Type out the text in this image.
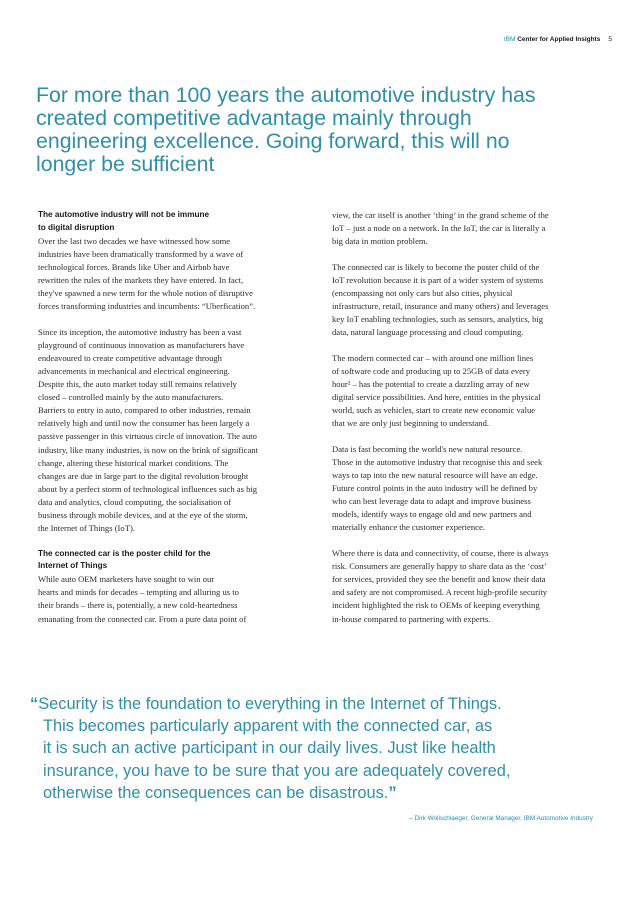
IBM Center for Applied Insights 5
For more than 100 years the automotive industry has
created competitive advantage mainly through
engineering excellence. Going forward, this will no
longer be sufficient
The automotive industry will not be immune
to digital disruption

Over the last two decades we have witnessed how some
industries have been dramatically transformed by a wave of
technological forces. Brands like Uber and Airbnb have
rewritten the rules of the markets they have entered. In fact,
they've spawned a new term for the whole notion of disruptive
forces transforming industries and incumbents: “Uberfication”.

Since its inception, the automotive industry has been a vast
playground of continuous innovation as manufacturers have
endeavoured to create competitive advantage through
advancements in mechanical and electrical engineering.
Despite this, the auto market today still remains relatively
closed – controlled mainly by the auto manufacturers.
Barriers to entry in auto, compared to other industries, remain
relatively high and until now the consumer has been largely a
passive passenger in this virtuous circle of innovation. The auto
industry, like many industries, is now on the brink of significant
change, altering these historical market conditions. The
changes are due in large part to the digital revolution brought
about by a perfect storm of technological influences such as big
data and analytics, cloud computing, the socialisation of
business through mobile devices, and at the eye of the storm,
the Internet of Things (IoT).

The connected car is the poster child for the
Internet of Things

While auto OEM marketers have sought to win our
hearts and minds for decades – tempting and alluring us to
their brands – there is, potentially, a new cold-heartedness
emanating from the connected car. From a pure data point of

view, the car itself is another ‘thing’ in the grand scheme of the
IoT – just a node on a network. In the IoT, the car is literally a
big data in motion problem.

The connected car is likely to become the poster child of the
IoT revolution because it is part of a wider system of systems
(encompassing not only cars but also cities, physical
infrastructure, retail, insurance and many others) and leverages
key IoT enabling technologies, such as sensors, analytics, big
data, natural language processing and cloud computing.

The modern connected car – with around one million lines
of software code and producing up to 25GB of data every
hour² – has the potential to create a dazzling array of new
digital service possibilities. And here, entities in the physical
world, such as vehicles, start to create new economic value
that we are only just beginning to understand.

Data is fast becoming the world's new natural resource.
Those in the automotive industry that recognise this and seek
ways to tap into the new natural resource will have an edge.
Future control points in the auto industry will be defined by
who can best leverage data to adapt and improve business
models, identify ways to engage old and new partners and
materially enhance the customer experience.

Where there is data and connectivity, of course, there is always
risk. Consumers are generally happy to share data as the ‘cost’
for services, provided they see the benefit and know their data
and safety are not compromised. A recent high-profile security
incident highlighted the risk to OEMs of keeping everything
in-house compared to partnering with experts.

“Security is the foundation to everything in the Internet of Things.
This becomes particularly apparent with the connected car, as
it is such an active participant in our daily lives. Just like health
insurance, you have to be sure that you are adequately covered,
otherwise the consequences can be disastrous.”
– Dirk Wollschlaeger, General Manager, IBM Automotive Industry
